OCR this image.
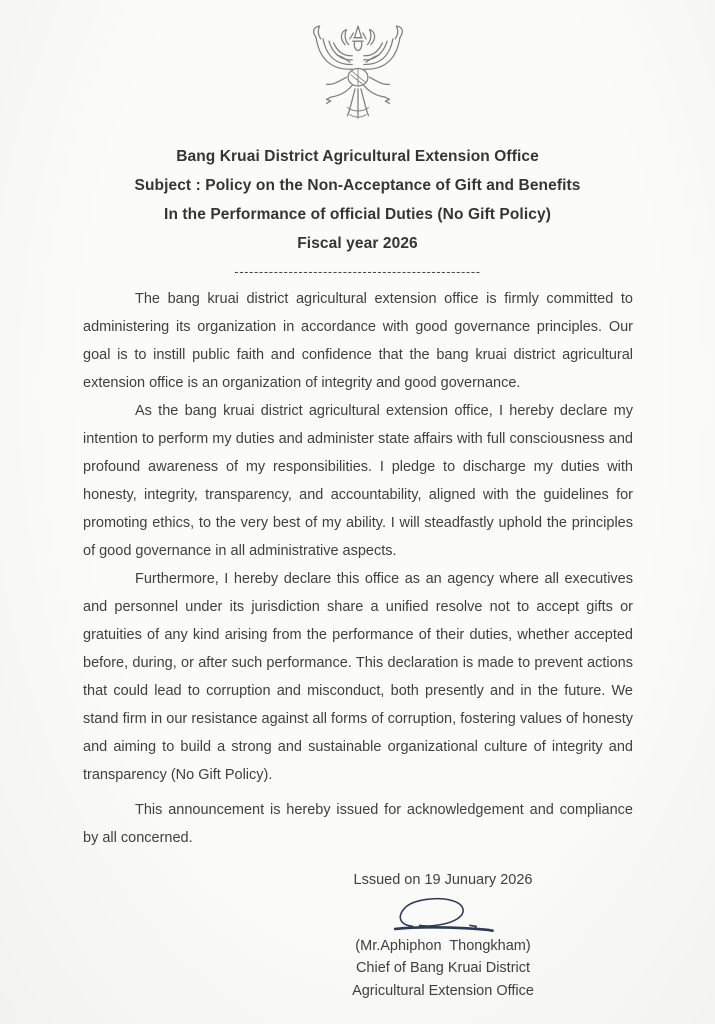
Bang Kruai District Agricultural Extension Office
Subject : Policy on the Non-Acceptance of Gift and Benefits
In the Performance of official Duties (No Gift Policy)
Fiscal year 2026
--------------------------------------------------

The bang kruai district agricultural extension office is firmly committed to administering its organization in accordance with good governance principles. Our goal is to instill public faith and confidence that the bang kruai district agricultural extension office is an organization of integrity and good governance.

As the bang kruai district agricultural extension office, I hereby declare my intention to perform my duties and administer state affairs with full consciousness and profound awareness of my responsibilities. I pledge to discharge my duties with honesty, integrity, transparency, and accountability, aligned with the guidelines for promoting ethics, to the very best of my ability. I will steadfastly uphold the principles of good governance in all administrative aspects.

Furthermore, I hereby declare this office as an agency where all executives and personnel under its jurisdiction share a unified resolve not to accept gifts or gratuities of any kind arising from the performance of their duties, whether accepted before, during, or after such performance. This declaration is made to prevent actions that could lead to corruption and misconduct, both presently and in the future. We stand firm in our resistance against all forms of corruption, fostering values of honesty and aiming to build a strong and sustainable organizational culture of integrity and transparency (No Gift Policy).

This announcement is hereby issued for acknowledgement and compliance by all concerned.

Lssued on 19 Junuary 2026
(Mr.Aphiphon  Thongkham)
Chief of Bang Kruai District
Agricultural Extension Office
